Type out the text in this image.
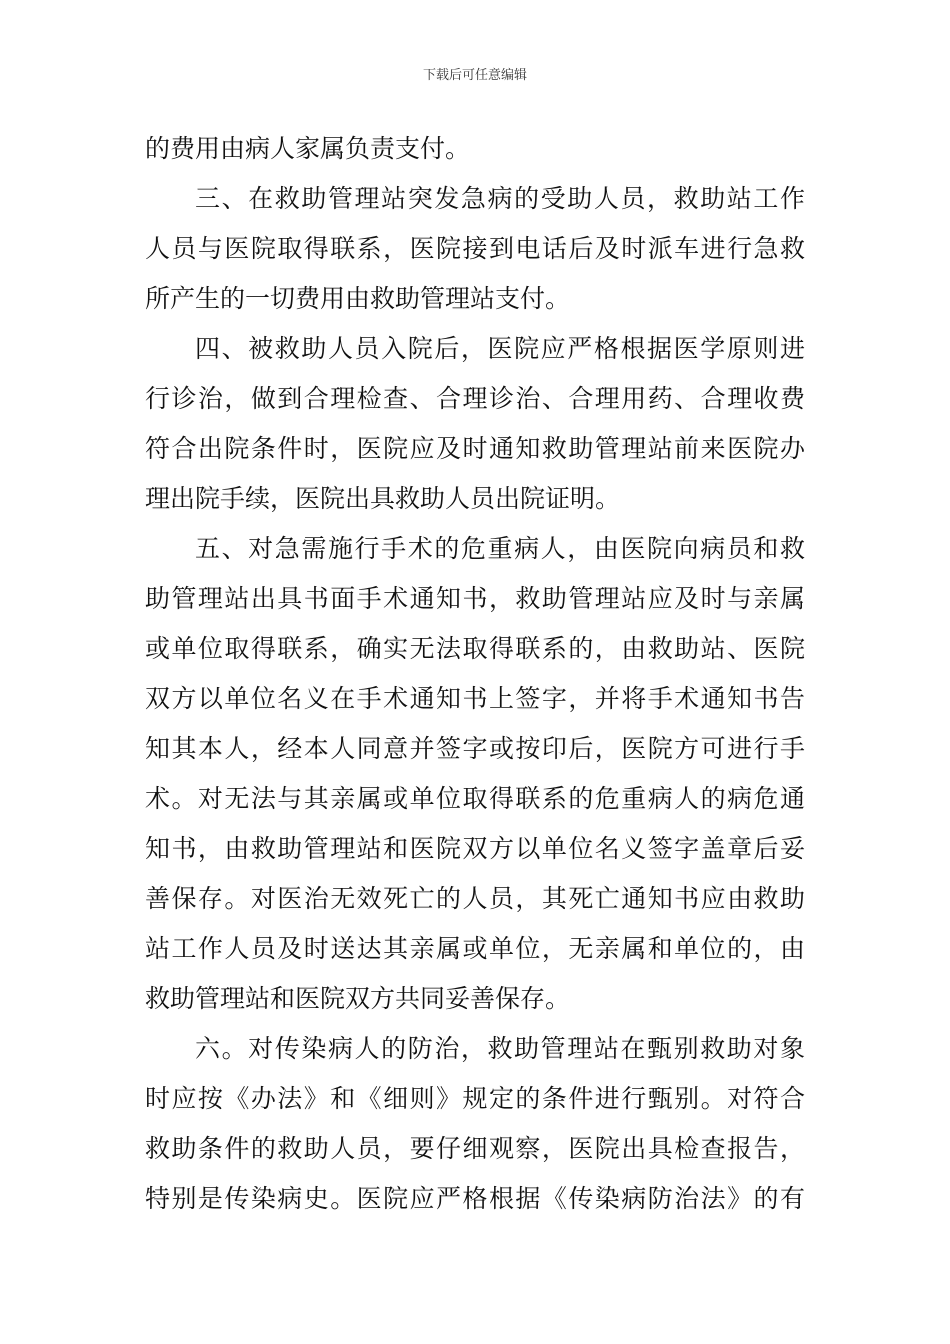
下载后可任意编辑
的费用由病人家属负责支付。
三、在救助管理站突发急病的受助人员，救助站工作
人员与医院取得联系，医院接到电话后及时派车进行急救
所产生的一切费用由救助管理站支付。
四、被救助人员入院后，医院应严格根据医学原则进
行诊治，做到合理检查、合理诊治、合理用药、合理收费
符合出院条件时，医院应及时通知救助管理站前来医院办
理出院手续，医院出具救助人员出院证明。
五、对急需施行手术的危重病人，由医院向病员和救
助管理站出具书面手术通知书，救助管理站应及时与亲属
或单位取得联系，确实无法取得联系的，由救助站、医院
双方以单位名义在手术通知书上签字，并将手术通知书告
知其本人，经本人同意并签字或按印后，医院方可进行手
术。对无法与其亲属或单位取得联系的危重病人的病危通
知书，由救助管理站和医院双方以单位名义签字盖章后妥
善保存。对医治无效死亡的人员，其死亡通知书应由救助
站工作人员及时送达其亲属或单位，无亲属和单位的，由
救助管理站和医院双方共同妥善保存。
六。对传染病人的防治，救助管理站在甄别救助对象
时应按《办法》和《细则》规定的条件进行甄别。对符合
救助条件的救助人员，要仔细观察，医院出具检查报告，
特别是传染病史。医院应严格根据《传染病防治法》的有
